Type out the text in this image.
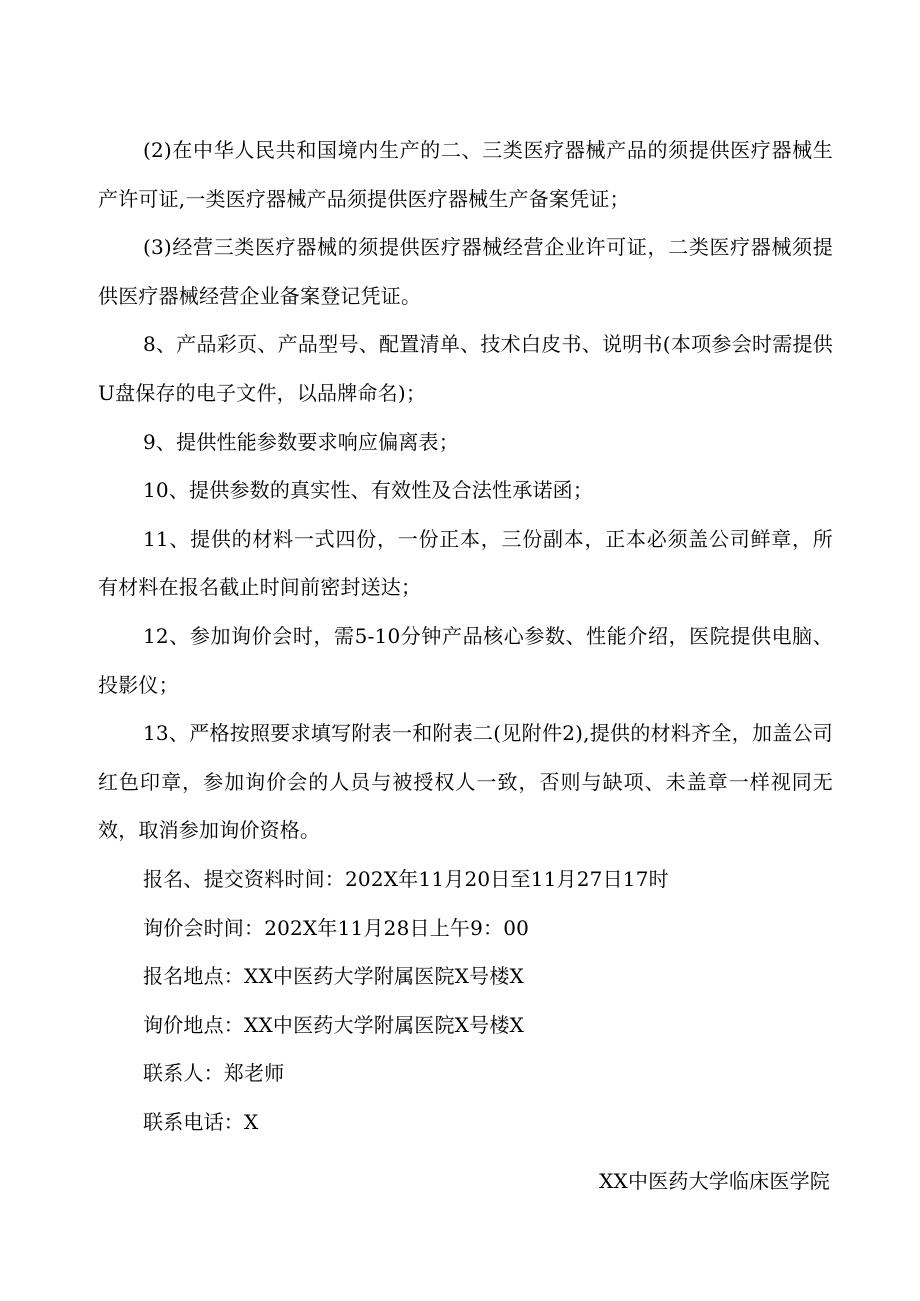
(2)在中华人民共和国境内生产的二、三类医疗器械产品的须提供医疗器械生产许可证,一类医疗器械产品须提供医疗器械生产备案凭证；

(3)经营三类医疗器械的须提供医疗器械经营企业许可证，二类医疗器械须提供医疗器械经营企业备案登记凭证。

8、产品彩页、产品型号、配置清单、技术白皮书、说明书(本项参会时需提供U盘保存的电子文件，以品牌命名)；

9、提供性能参数要求响应偏离表；

10、提供参数的真实性、有效性及合法性承诺函；

11、提供的材料一式四份，一份正本，三份副本，正本必须盖公司鲜章，所有材料在报名截止时间前密封送达；

12、参加询价会时，需5-10分钟产品核心参数、性能介绍，医院提供电脑、投影仪；

13、严格按照要求填写附表一和附表二(见附件2),提供的材料齐全，加盖公司红色印章，参加询价会的人员与被授权人一致，否则与缺项、未盖章一样视同无效，取消参加询价资格。

报名、提交资料时间：202X年11月20日至11月27日17时

询价会时间：202X年11月28日上午9：00

报名地点：XX中医药大学附属医院X号楼X

询价地点：XX中医药大学附属医院X号楼X

联系人：郑老师

联系电话：X

XX中医药大学临床医学院
